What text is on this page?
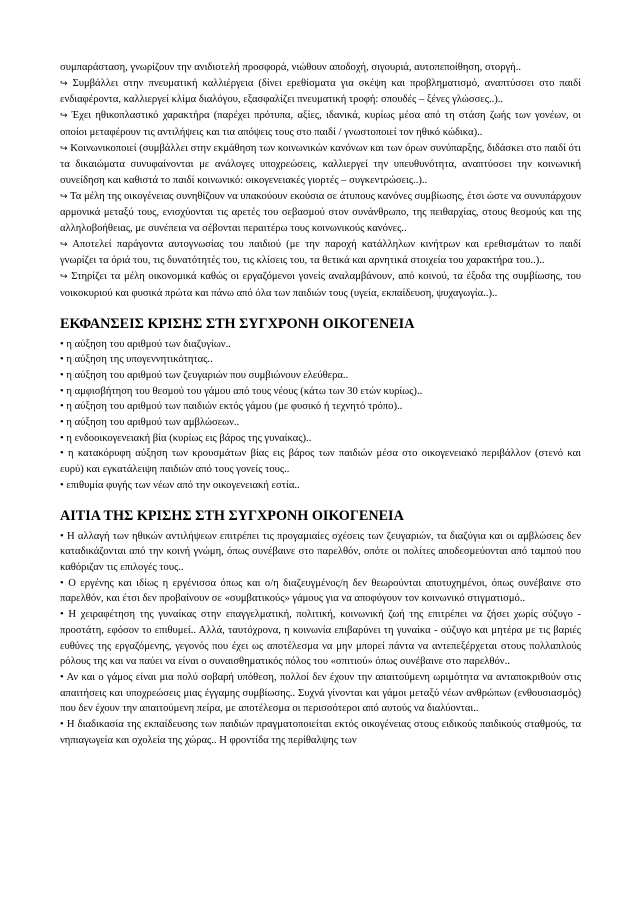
συμπαράσταση, γνωρίζουν την ανιδιοτελή προσφορά, νιώθουν αποδοχή, σιγουριά, αυτοπεποίθηση, στοργή..

↪ Συμβάλλει στην πνευματική καλλιέργεια (δίνει ερεθίσματα για σκέψη και προβληματισμό, αναπτύσσει στο παιδί ενδιαφέροντα, καλλιεργεί κλίμα διαλόγου, εξασφαλίζει πνευματική τροφή: σπουδές – ξένες γλώσσες..)..

↪ Έχει ηθικοπλαστικό χαρακτήρα (παρέχει πρότυπα, αξίες, ιδανικά, κυρίως μέσα από τη στάση ζωής των γονέων, οι οποίοι μεταφέρουν τις αντιλήψεις και τια απόψεις τους στο παιδί / γνωστοποιεί τον ηθικό κώδικα)..

↪ Κοινωνικοποιεί (συμβάλλει στην εκμάθηση των κοινωνικών κανόνων και των όρων συνύπαρξης, διδάσκει στο παιδί ότι τα δικαιώματα συνυφαίνονται με ανάλογες υποχρεώσεις, καλλιεργεί την υπευθυνότητα, αναπτύσσει την κοινωνική συνείδηση και καθιστά το παιδί κοινωνικό: οικογενειακές γιορτές – συγκεντρώσεις..)..

↪ Τα μέλη της οικογένειας συνηθίζουν να υπακούουν εκούσια σε άτυπους κανόνες συμβίωσης, έτσι ώστε να συνυπάρχουν αρμονικά μεταξύ τους, ενισχύονται τις αρετές του σεβασμού στον συνάνθρωπο, της πειθαρχίας, στους θεσμούς και της αλληλοβοήθειας, με συνέπεια να σέβονται περαιτέρω τους κοινωνικούς κανόνες..

↪ Αποτελεί παράγοντα αυτογνωσίας του παιδιού (με την παροχή κατάλληλων κινήτρων και ερεθισμάτων το παιδί γνωρίζει τα όριά του, τις δυνατότητές του, τις κλίσεις του, τα θετικά και αρνητικά στοιχεία του χαρακτήρα του..)..

↪ Στηρίζει τα μέλη οικονομικά καθώς οι εργαζόμενοι γονείς αναλαμβάνουν, από κοινού, τα έξοδα της συμβίωσης, του νοικοκυριού και φυσικά πρώτα και πάνω από όλα των παιδιών τους (υγεία, εκπαίδευση, ψυχαγωγία..)..

ΕΚΦΑΝΣΕΙΣ ΚΡΙΣΗΣ ΣΤΗ ΣΥΓΧΡΟΝΗ ΟΙΚΟΓΕΝΕΙΑ

• η αύξηση του αριθμού των διαζυγίων..

• η αύξηση της υπογεννητικότητας..

• η αύξηση του αριθμού των ζευγαριών που συμβιώνουν ελεύθερα..

• η αμφισβήτηση του θεσμού του γάμου από τους νέους (κάτω των 30 ετών κυρίως)..

• η αύξηση του αριθμού των παιδιών εκτός γάμου (με φυσικό ή τεχνητό τρόπο)..

• η αύξηση του αριθμού των αμβλώσεων..

• η ενδοοικογενειακή βία (κυρίως εις βάρος της γυναίκας)..

• η κατακόρυφη αύξηση των κρουσμάτων βίας εις βάρος των παιδιών μέσα στο οικογενειακό περιβάλλον (στενό και ευρύ) και εγκατάλειψη παιδιών από τους γονείς τους..

• επιθυμία φυγής των νέων από την οικογενειακή εστία..

ΑΙΤΙΑ ΤΗΣ ΚΡΙΣΗΣ ΣΤΗ ΣΥΓΧΡΟΝΗ ΟΙΚΟΓΕΝΕΙΑ

• Η αλλαγή των ηθικών αντιλήψεων επιτρέπει τις προγαμιαίες σχέσεις των ζευγαριών, τα διαζύγια και οι αμβλώσεις δεν καταδικάζονται από την κοινή γνώμη, όπως συνέβαινε στο παρελθόν, οπότε οι πολίτες αποδεσμεύονται από ταμπού που καθόριζαν τις επιλογές τους..

• Ο εργένης και ιδίως η εργένισσα όπως και ο/η διαζευγμένος/η δεν θεωρούνται αποτυχημένοι, όπως συνέβαινε στο παρελθόν, και έτσι δεν προβαίνουν σε «συμβατικούς» γάμους για να αποφύγουν τον κοινωνικό στιγματισμό..

• Η χειραφέτηση της γυναίκας στην επαγγελματική, πολιτική, κοινωνική ζωή της επιτρέπει να ζήσει χωρίς σύζυγο - προστάτη, εφόσον το επιθυμεί.. Αλλά, ταυτόχρονα, η κοινωνία επιβαρύνει τη γυναίκα - σύζυγο και μητέρα με τις βαριές ευθύνες της εργαζόμενης, γεγονός που έχει ως αποτέλεσμα να μην μπορεί πάντα να αντεπεξέρχεται στους πολλαπλούς ρόλους της και να παύει να είναι ο συναισθηματικός πόλος του «σπιτιού» όπως συνέβαινε στο παρελθόν..

• Αν και ο γάμος είναι μια πολύ σοβαρή υπόθεση, πολλοί δεν έχουν την απαιτούμενη ωριμότητα να ανταποκριθούν στις απαιτήσεις και υποχρεώσεις μιας έγγαμης συμβίωσης.. Συχνά γίνονται και γάμοι μεταξύ νέων ανθρώπων (ενθουσιασμός) που δεν έχουν την απαιτούμενη πείρα, με αποτέλεσμα οι περισσότεροι από αυτούς να διαλύονται..

• Η διαδικασία της εκπαίδευσης των παιδιών πραγματοποιείται εκτός οικογένειας στους ειδικούς παιδικούς σταθμούς, τα νηπιαγωγεία και σχολεία της χώρας.. Η φροντίδα της περίθαλψης των
